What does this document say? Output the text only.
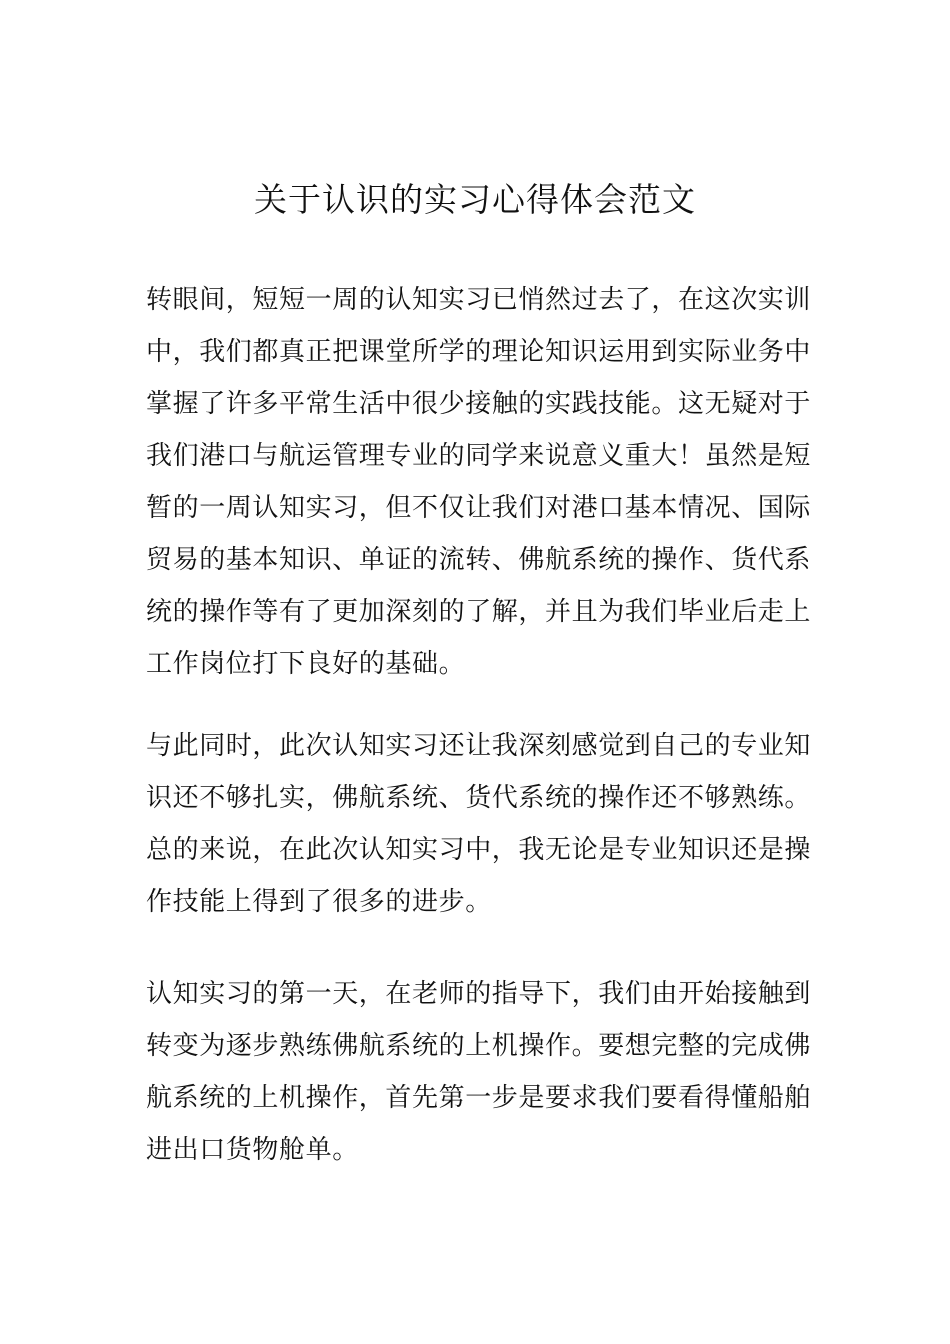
关于认识的实习心得体会范文
转眼间，短短一周的认知实习已悄然过去了，在这次实训
中，我们都真正把课堂所学的理论知识运用到实际业务中
掌握了许多平常生活中很少接触的实践技能。这无疑对于
我们港口与航运管理专业的同学来说意义重大！虽然是短
暂的一周认知实习，但不仅让我们对港口基本情况、国际
贸易的基本知识、单证的流转、佛航系统的操作、货代系
统的操作等有了更加深刻的了解，并且为我们毕业后走上
工作岗位打下良好的基础。
与此同时，此次认知实习还让我深刻感觉到自己的专业知
识还不够扎实，佛航系统、货代系统的操作还不够熟练。
总的来说，在此次认知实习中，我无论是专业知识还是操
作技能上得到了很多的进步。
认知实习的第一天，在老师的指导下，我们由开始接触到
转变为逐步熟练佛航系统的上机操作。要想完整的完成佛
航系统的上机操作，首先第一步是要求我们要看得懂船舶
进出口货物舱单。
